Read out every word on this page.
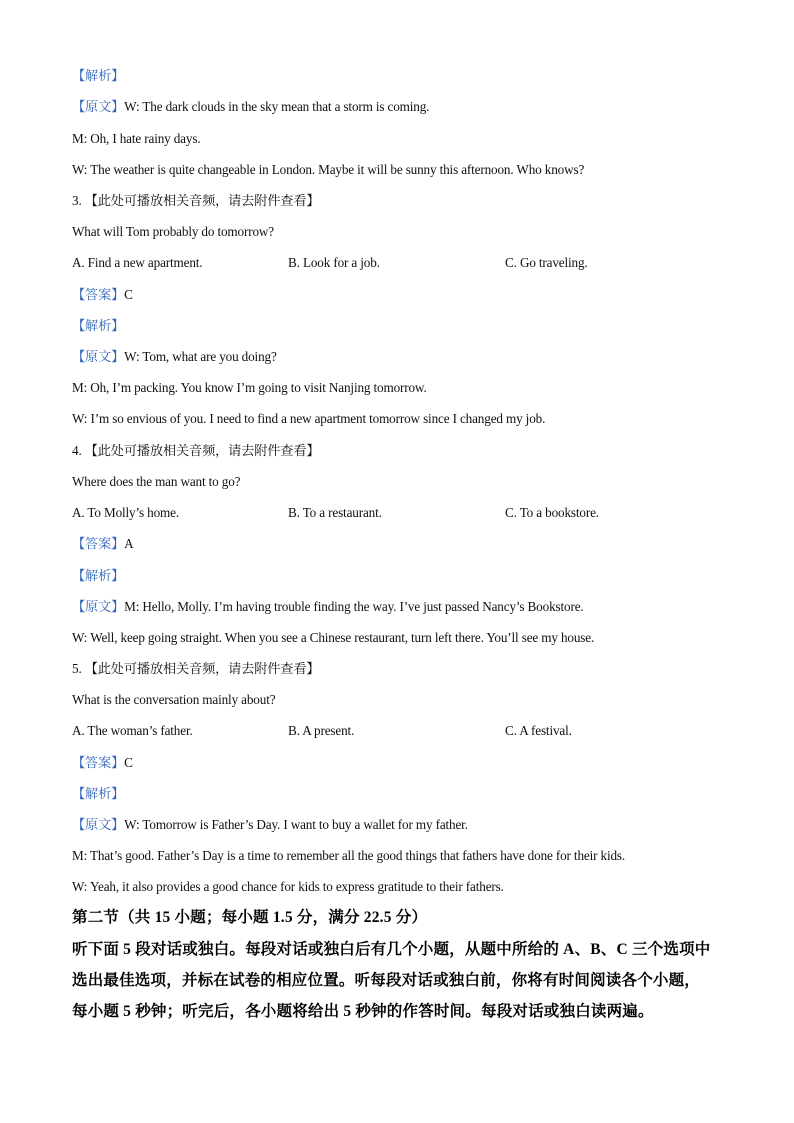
【解析】
【原文】W: The dark clouds in the sky mean that a storm is coming.
M: Oh, I hate rainy days.
W: The weather is quite changeable in London. Maybe it will be sunny this afternoon. Who knows?
3. 【此处可播放相关音频，请去附件查看】
What will Tom probably do tomorrow?
A. Find a new apartment.	B. Look for a job.	C. Go traveling.
【答案】C
【解析】
【原文】W: Tom, what are you doing?
M: Oh, I’m packing. You know I’m going to visit Nanjing tomorrow.
W: I’m so envious of you. I need to find a new apartment tomorrow since I changed my job.
4. 【此处可播放相关音频，请去附件查看】
Where does the man want to go?
A. To Molly’s home.	B. To a restaurant.	C. To a bookstore.
【答案】A
【解析】
【原文】M: Hello, Molly. I’m having trouble finding the way. I’ve just passed Nancy’s Bookstore.
W: Well, keep going straight. When you see a Chinese restaurant, turn left there. You’ll see my house.
5. 【此处可播放相关音频，请去附件查看】
What is the conversation mainly about?
A. The woman’s father.	B. A present.	C. A festival.
【答案】C
【解析】
【原文】W: Tomorrow is Father’s Day. I want to buy a wallet for my father.
M: That’s good. Father’s Day is a time to remember all the good things that fathers have done for their kids.
W: Yeah, it also provides a good chance for kids to express gratitude to their fathers.
第二节（共 15 小题；每小题 1.5 分，满分 22.5 分）
听下面 5 段对话或独白。每段对话或独白后有几个小题，从题中所给的 A、B、C 三个选项中
选出最佳选项，并标在试卷的相应位置。听每段对话或独白前，你将有时间阅读各个小题，
每小题 5 秒钟；听完后，各小题将给出 5 秒钟的作答时间。每段对话或独白读两遍。
